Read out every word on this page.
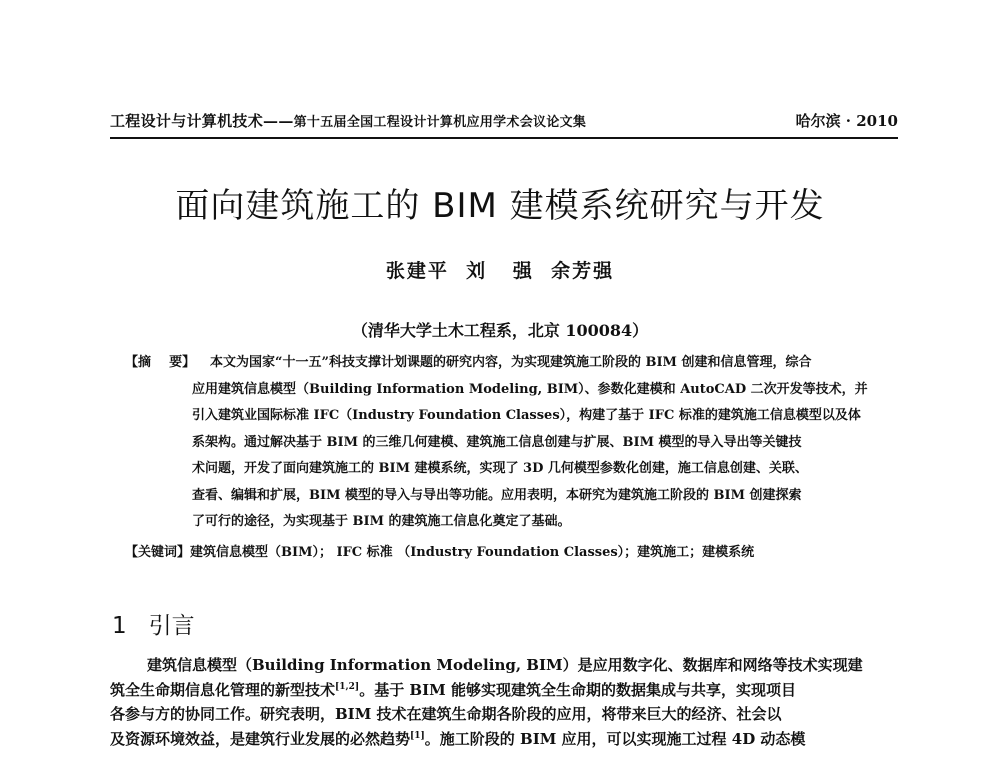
工程设计与计算机技术——第十五届全国工程设计计算机应用学术会议论文集	哈尔滨 · 2010
面向建筑施工的 BIM 建模系统研究与开发
张建平  刘   强  余芳强
（清华大学土木工程系，北京 100084）
【摘    要】 本文为国家“十一五”科技支撑计划课题的研究内容，为实现建筑施工阶段的 BIM 创建和信息管理，综合
应用建筑信息模型（Building Information Modeling, BIM）、参数化建模和 AutoCAD 二次开发等技术，并
引入建筑业国际标准 IFC（Industry Foundation Classes），构建了基于 IFC 标准的建筑施工信息模型以及体
系架构。通过解决基于 BIM 的三维几何建模、建筑施工信息创建与扩展、BIM 模型的导入导出等关键技
术问题，开发了面向建筑施工的 BIM 建模系统，实现了 3D 几何模型参数化创建，施工信息创建、关联、
查看、编辑和扩展，BIM 模型的导入与导出等功能。应用表明，本研究为建筑施工阶段的 BIM 创建探索
了可行的途径，为实现基于 BIM 的建筑施工信息化奠定了基础。
【关键词】建筑信息模型（BIM）； IFC 标准 （Industry Foundation Classes）；建筑施工；建模系统
1   引言
建筑信息模型（Building Information Modeling, BIM）是应用数字化、数据库和网络等技术实现建
筑全生命期信息化管理的新型技术[1,2]。基于 BIM 能够实现建筑全生命期的数据集成与共享，实现项目
各参与方的协同工作。研究表明，BIM 技术在建筑生命期各阶段的应用，将带来巨大的经济、社会以
及资源环境效益，是建筑行业发展的必然趋势[1]。施工阶段的 BIM 应用，可以实现施工过程 4D 动态模
